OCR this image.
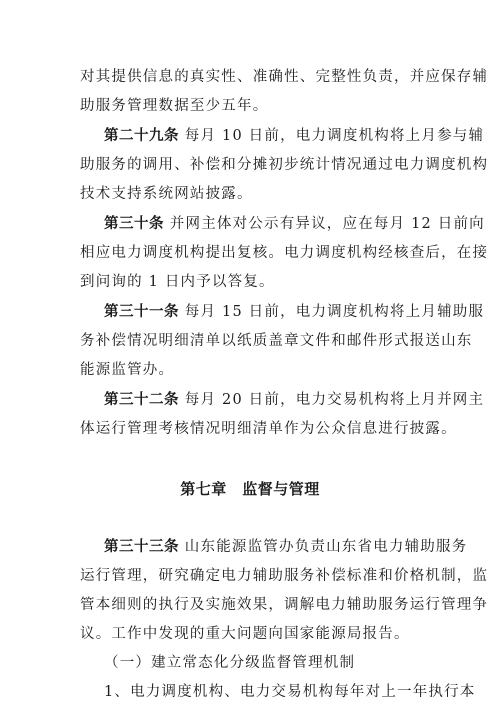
对其提供信息的真实性、准确性、完整性负责，并应保存辅
助服务管理数据至少五年。
第二十九条 每月 10 日前，电力调度机构将上月参与辅
助服务的调用、补偿和分摊初步统计情况通过电力调度机构
技术支持系统网站披露。
第三十条 并网主体对公示有异议，应在每月 12 日前向
相应电力调度机构提出复核。电力调度机构经核查后，在接
到问询的 1 日内予以答复。
第三十一条 每月 15 日前，电力调度机构将上月辅助服
务补偿情况明细清单以纸质盖章文件和邮件形式报送山东
能源监管办。
第三十二条 每月 20 日前，电力交易机构将上月并网主
体运行管理考核情况明细清单作为公众信息进行披露。
第七章　监督与管理
第三十三条 山东能源监管办负责山东省电力辅助服务
运行管理，研究确定电力辅助服务补偿标准和价格机制，监
管本细则的执行及实施效果，调解电力辅助服务运行管理争
议。工作中发现的重大问题向国家能源局报告。
（一）建立常态化分级监督管理机制
1、电力调度机构、电力交易机构每年对上一年执行本
